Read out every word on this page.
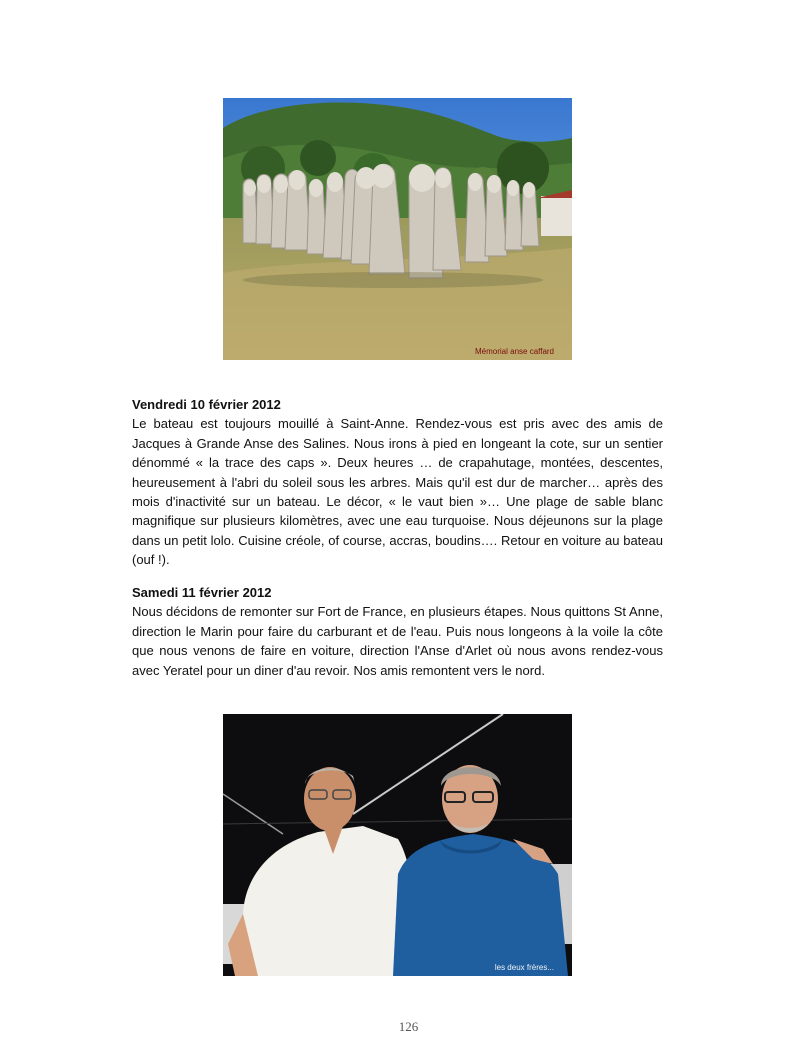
Mémorial anse caffard

Vendredi 10 février 2012

Le bateau est toujours mouillé à Saint-Anne. Rendez-vous est pris avec des amis de Jacques à Grande Anse des Salines. Nous irons à pied en longeant la cote, sur un sentier dénommé « la trace des caps ». Deux heures … de crapahutage, montées, descentes, heureusement à l'abri du soleil sous les arbres. Mais qu'il est dur de marcher… après des mois d'inactivité sur un bateau. Le décor, « le vaut bien »… Une plage de sable blanc magnifique sur plusieurs kilomètres, avec une eau turquoise. Nous déjeunons sur la plage dans un petit lolo. Cuisine créole, of course, accras, boudins…. Retour en voiture au bateau (ouf !).

Samedi 11 février 2012

Nous décidons de remonter sur Fort de France, en plusieurs étapes. Nous quittons St Anne, direction le Marin pour faire du carburant et de l'eau. Puis nous longeons à la voile la côte que nous venons de faire en voiture, direction l'Anse d'Arlet où nous avons rendez-vous avec Yeratel pour un diner d'au revoir. Nos amis remontent vers le nord.

les deux frères...
126
